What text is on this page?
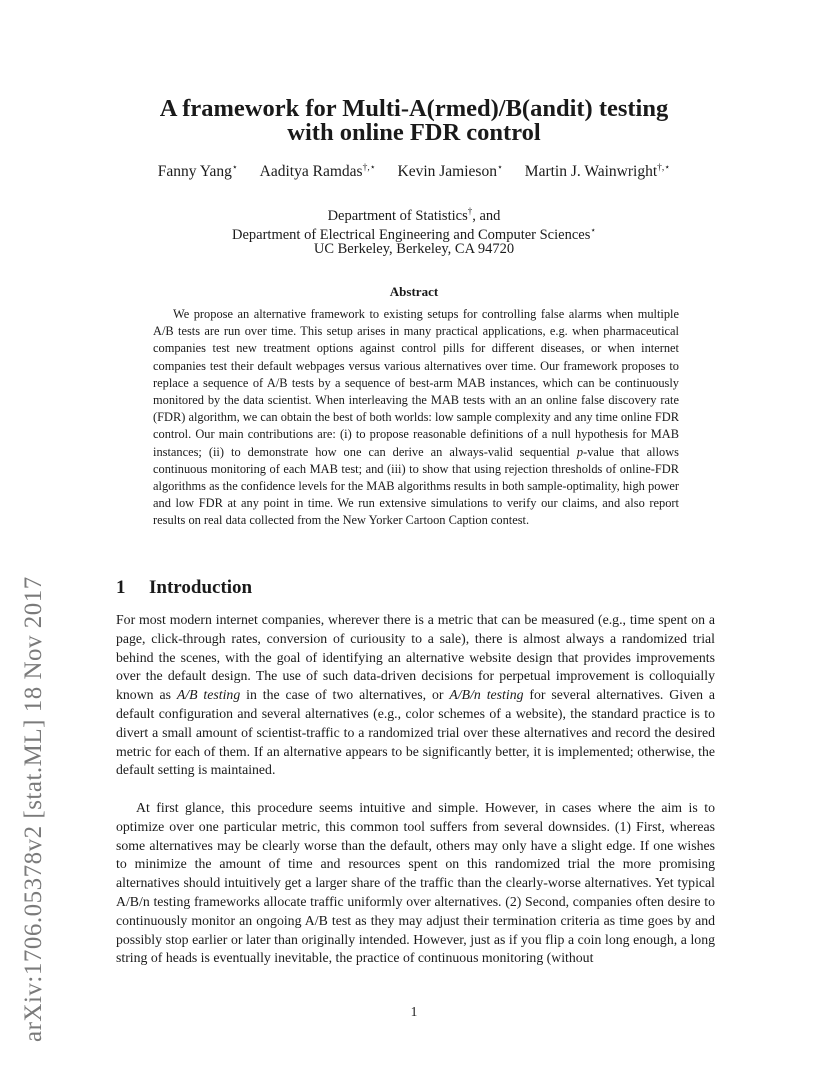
arXiv:1706.05378v2 [stat.ML] 18 Nov 2017
A framework for Multi-A(rmed)/B(andit) testing
with online FDR control
Fanny Yang⋆ Aaditya Ramdas†,⋆ Kevin Jamieson⋆ Martin J. Wainwright†,⋆
Department of Statistics†, and
Department of Electrical Engineering and Computer Sciences⋆
UC Berkeley, Berkeley, CA 94720
Abstract
We propose an alternative framework to existing setups for controlling false alarms when multiple A/B tests are run over time. This setup arises in many practical applications, e.g. when pharmaceutical companies test new treatment options against control pills for different diseases, or when internet companies test their default webpages versus various alternatives over time. Our framework proposes to replace a sequence of A/B tests by a sequence of best-arm MAB instances, which can be continuously monitored by the data scientist. When interleaving the MAB tests with an an online false discovery rate (FDR) algorithm, we can obtain the best of both worlds: low sample complexity and any time online FDR control. Our main contributions are: (i) to propose reasonable definitions of a null hypothesis for MAB instances; (ii) to demonstrate how one can derive an always-valid sequential p-value that allows continuous monitoring of each MAB test; and (iii) to show that using rejection thresholds of online-FDR algorithms as the confidence levels for the MAB algorithms results in both sample-optimality, high power and low FDR at any point in time. We run extensive simulations to verify our claims, and also report results on real data collected from the New Yorker Cartoon Caption contest.
1 Introduction
For most modern internet companies, wherever there is a metric that can be measured (e.g., time spent on a page, click-through rates, conversion of curiousity to a sale), there is almost always a randomized trial behind the scenes, with the goal of identifying an alternative website design that provides improvements over the default design. The use of such data-driven decisions for perpetual improvement is colloquially known as A/B testing in the case of two alternatives, or A/B/n testing for several alternatives. Given a default configuration and several alternatives (e.g., color schemes of a website), the standard practice is to divert a small amount of scientist-traffic to a randomized trial over these alternatives and record the desired metric for each of them. If an alternative appears to be significantly better, it is implemented; otherwise, the default setting is maintained.
At first glance, this procedure seems intuitive and simple. However, in cases where the aim is to optimize over one particular metric, this common tool suffers from several downsides. (1) First, whereas some alternatives may be clearly worse than the default, others may only have a slight edge. If one wishes to minimize the amount of time and resources spent on this randomized trial the more promising alternatives should intuitively get a larger share of the traffic than the clearly-worse alternatives. Yet typical A/B/n testing frameworks allocate traffic uniformly over alternatives. (2) Second, companies often desire to continuously monitor an ongoing A/B test as they may adjust their termination criteria as time goes by and possibly stop earlier or later than originally intended. However, just as if you flip a coin long enough, a long string of heads is eventually inevitable, the practice of continuous monitoring (without
1
